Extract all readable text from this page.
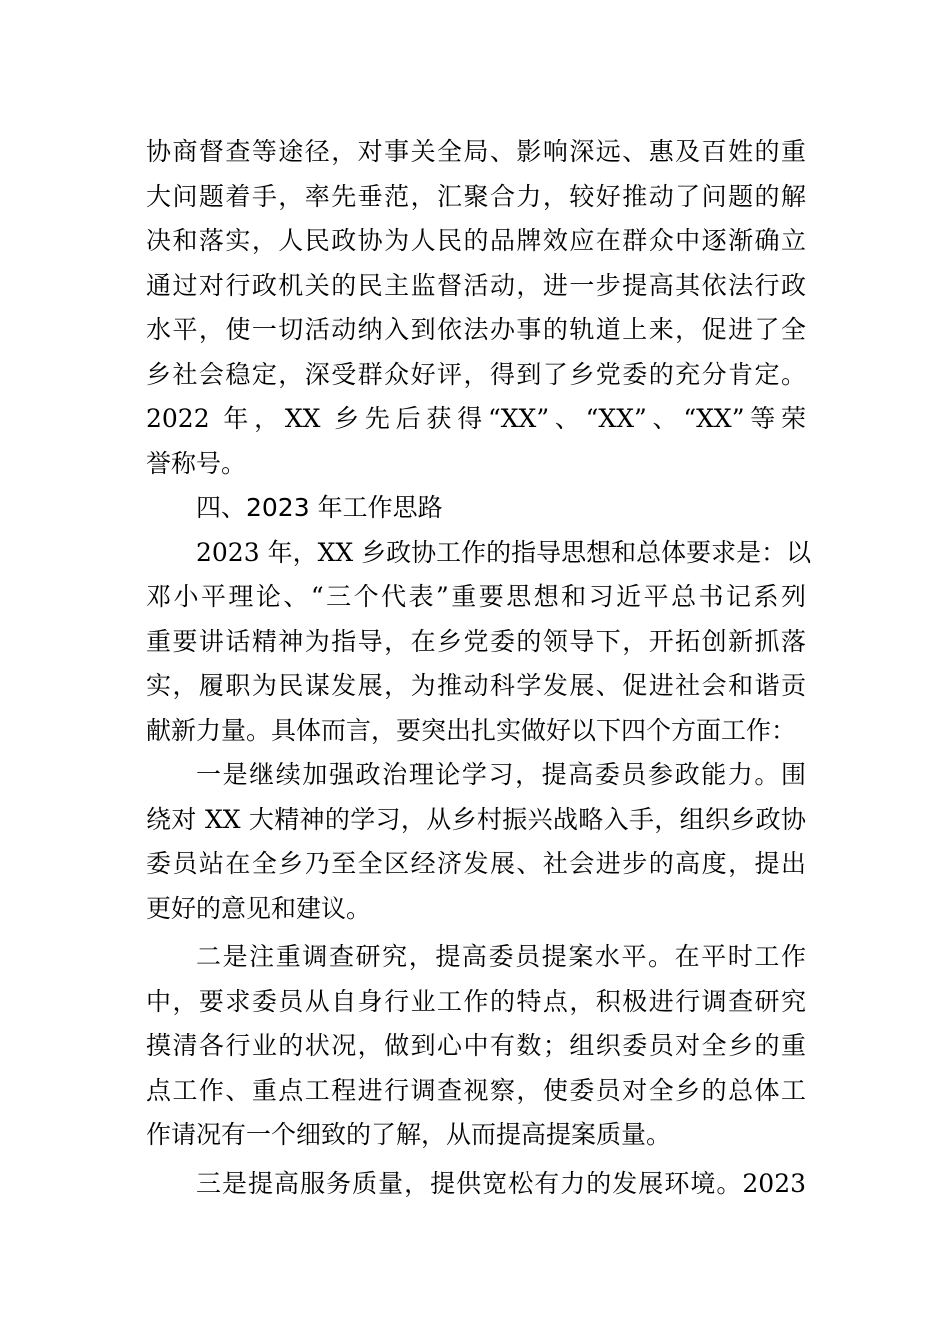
协商督查等途径，对事关全局、影响深远、惠及百姓的重
大问题着手，率先垂范，汇聚合力，较好推动了问题的解
决和落实，人民政协为人民的品牌效应在群众中逐渐确立
通过对行政机关的民主监督活动，进一步提高其依法行政
水平，使一切活动纳入到依法办事的轨道上来，促进了全
乡社会稳定，深受群众好评，得到了乡党委的充分肯定。
2022 年，XX 乡先后获得“XX”、“XX”、“XX”等荣
誉称号。
四、2023 年工作思路
2023 年，XX 乡政协工作的指导思想和总体要求是：以
邓小平理论、“三个代表”重要思想和习近平总书记系列
重要讲话精神为指导，在乡党委的领导下，开拓创新抓落
实，履职为民谋发展，为推动科学发展、促进社会和谐贡
献新力量。具体而言，要突出扎实做好以下四个方面工作：
一是继续加强政治理论学习，提高委员参政能力。围
绕对 XX 大精神的学习，从乡村振兴战略入手，组织乡政协
委员站在全乡乃至全区经济发展、社会进步的高度，提出
更好的意见和建议。
二是注重调查研究，提高委员提案水平。在平时工作
中，要求委员从自身行业工作的特点，积极进行调查研究
摸清各行业的状况，做到心中有数；组织委员对全乡的重
点工作、重点工程进行调查视察，使委员对全乡的总体工
作请况有一个细致的了解，从而提高提案质量。
三是提高服务质量，提供宽松有力的发展环境。2023
